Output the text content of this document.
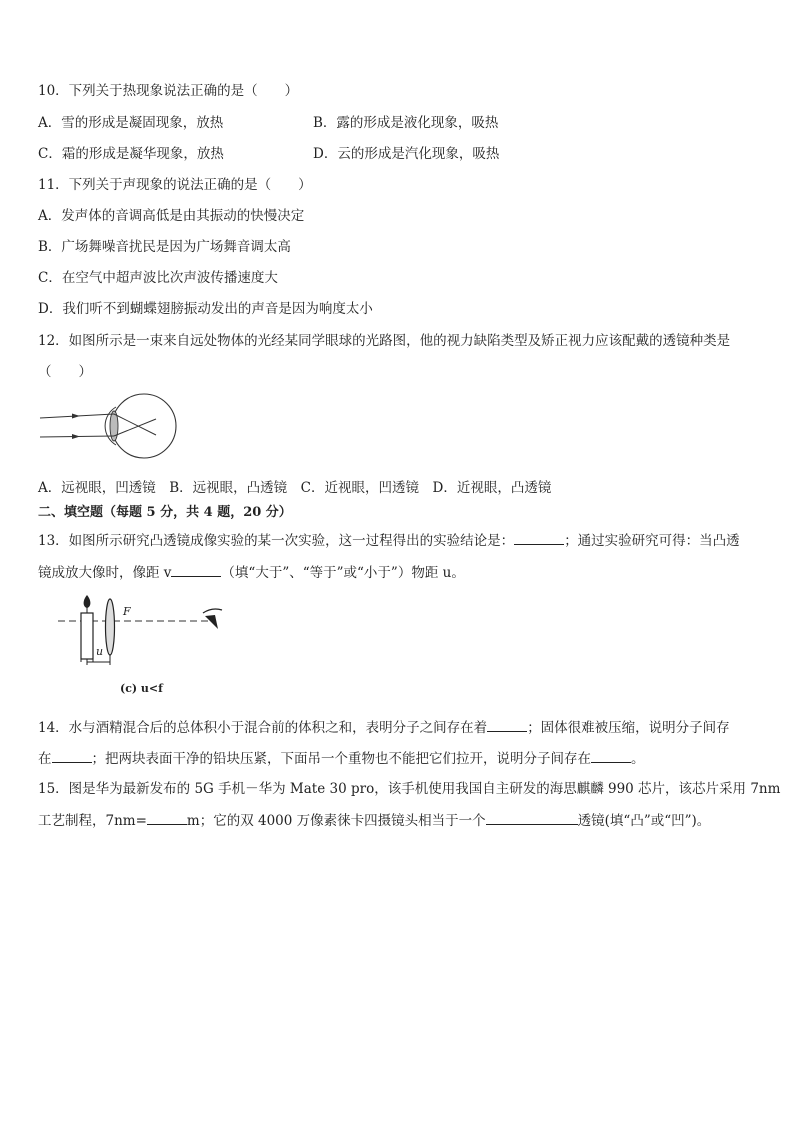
10．下列关于热现象说法正确的是（　　）
A．雪的形成是凝固现象，放热	B．露的形成是液化现象，吸热
C．霜的形成是凝华现象，放热	D．云的形成是汽化现象，吸热
11．下列关于声现象的说法正确的是（　　）
A．发声体的音调高低是由其振动的快慢决定
B．广场舞噪音扰民是因为广场舞音调太高
C．在空气中超声波比次声波传播速度大
D．我们听不到蝴蝶翅膀振动发出的声音是因为响度太小
12．如图所示是一束来自远处物体的光经某同学眼球的光路图，他的视力缺陷类型及矫正视力应该配戴的透镜种类是
（　　）
A．远视眼，凹透镜　B．远视眼，凸透镜　C．近视眼，凹透镜　D．近视眼，凸透镜
二、填空题（每题 5 分，共 4 题，20 分）
13．如图所示研究凸透镜成像实验的某一次实验，这一过程得出的实验结论是：	；通过实验研究可得：当凸透
镜成放大像时，像距 v	（填“大于”、“等于”或“小于”）物距 u。
u
F
(c) u<f
14．水与酒精混合后的总体积小于混合前的体积之和，表明分子之间存在着	；固体很难被压缩，说明分子间存
在	；把两块表面干净的铅块压紧，下面吊一个重物也不能把它们拉开，说明分子间存在	。
15．图是华为最新发布的 5G 手机－华为 Mate 30 pro，该手机使用我国自主研发的海思麒麟 990 芯片，该芯片采用 7nm
工艺制程，7nm=	m；它的双 4000 万像素徕卡四摄镜头相当于一个	透镜(填“凸”或“凹”)。
